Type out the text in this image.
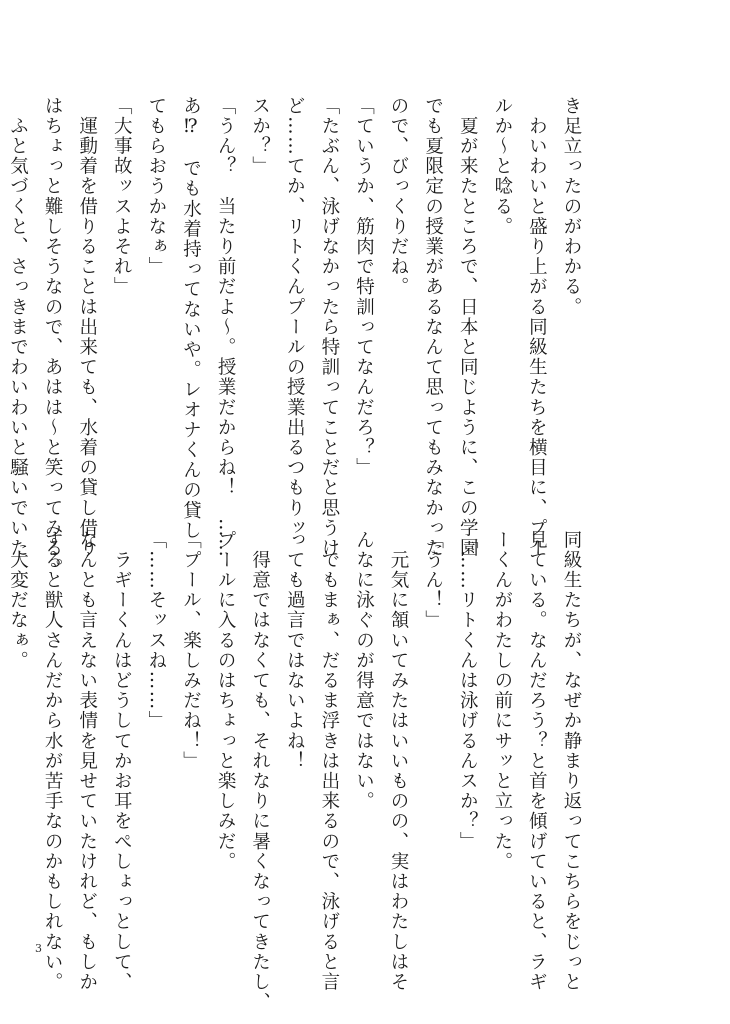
き足立ったのがわかる。
　わいわいと盛り上がる同級生たちを横目に、プー
ルか〜と唸る。
　夏が来たところで、日本と同じように、この学園
でも夏限定の授業があるなんて思ってもみなかった
ので、びっくりだね。
「ていうか、筋肉で特訓ってなんだろ？」
「たぶん、泳げなかったら特訓ってことだと思うけ
ど……てか、リトくんプールの授業出るつもりッ
スか？」
「うん？　当たり前だよ〜。授業だからね！　……
あ⁉　でも水着持ってないや。レオナくんの貸し
てもらおうかなぁ」
「大事故ッスよそれ」
　運動着を借りることは出来ても、水着の貸し借り
はちょっと難しそうなので、あはは〜と笑ってみる。
　ふと気づくと、さっきまでわいわいと騒いでいた
同級生たちが、なぜか静まり返ってこちらをじっと
見ている。なんだろう？と首を傾げていると、ラギ
ーくんがわたしの前にサッと立った。
「……リトくんは泳げるんスか？」
「うん！」
　元気に頷いてみたはいいものの、実はわたしはそ
んなに泳ぐのが得意ではない。
　でもまぁ、だるま浮きは出来るので、泳げると言
っても過言ではないよね！
　得意ではなくても、それなりに暑くなってきたし、
プールに入るのはちょっと楽しみだ。
「プール、楽しみだね！」
「……そッスね……」
　ラギーくんはどうしてかお耳をぺしょっとして、
なんとも言えない表情を見せていたけれど、もしか
すると獣人さんだから水が苦手なのかもしれない。
　大変だなぁ。
3
